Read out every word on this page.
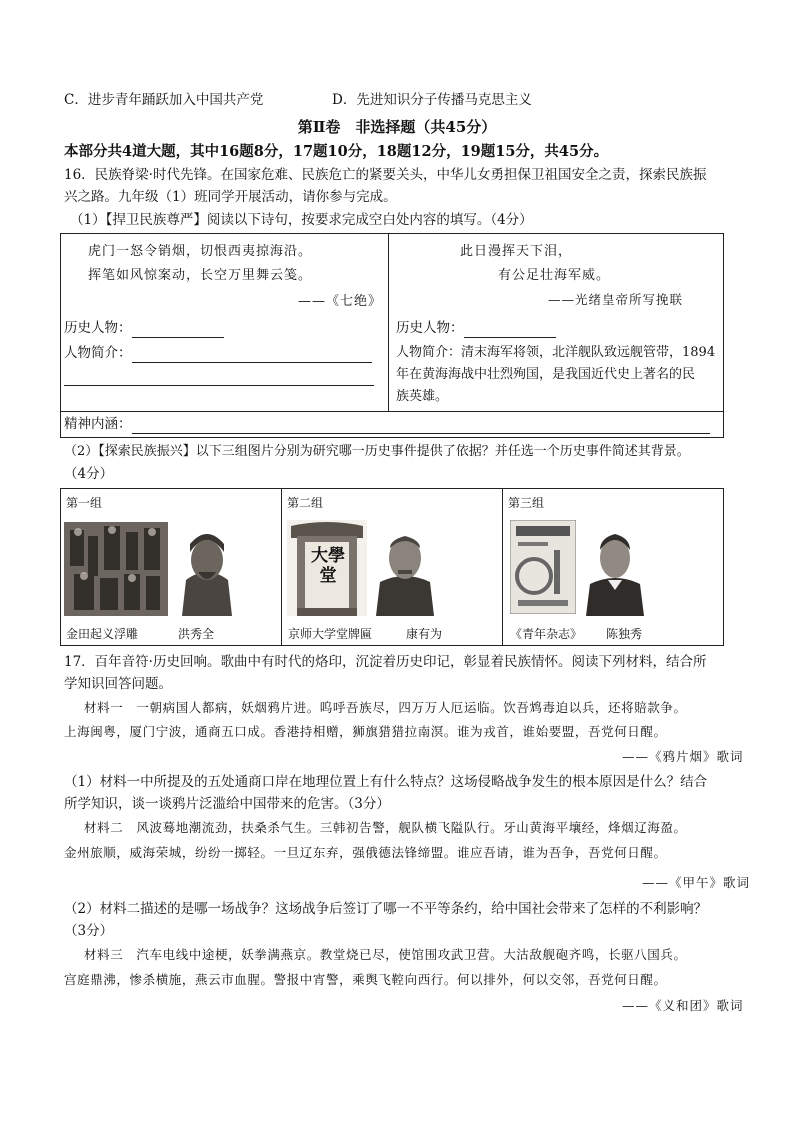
C．进步青年踊跃加入中国共产党	D．先进知识分子传播马克思主义
第Ⅱ卷　非选择题（共45分）
本部分共4道大题，其中16题8分，17题10分，18题12分，19题15分，共45分。
16．民族脊梁·时代先锋。在国家危难、民族危亡的紧要关头，中华儿女勇担保卫祖国安全之责，探索民族振
兴之路。九年级（1）班同学开展活动，请你参与完成。
（1）【捍卫民族尊严】阅读以下诗句，按要求完成空白处内容的填写。（4分）
虎门一怒令销烟，切恨西夷掠海沿。
挥笔如风惊案动，长空万里舞云笺。
——《七绝》
历史人物：
人物简介：
此日漫挥天下泪，
有公足壮海军威。
——光绪皇帝所写挽联
历史人物：
人物简介：清末海军将领，北洋舰队致远舰管带，1894
年在黄海海战中壮烈殉国，是我国近代史上著名的民
族英雄。
精神内涵：
（2）【探索民族振兴】以下三组图片分别为研究哪一历史事件提供了依据？并任选一个历史事件简述其背景。
（4分）
第一组
金田起义浮雕	洪秀全
第二组
大學堂
京师大学堂牌匾	康有为
第三组
《青年杂志》 陈独秀
17．百年音符·历史回响。歌曲中有时代的烙印，沉淀着历史印记，彰显着民族情怀。阅读下列材料，结合所
学知识回答问题。
材料一　一朝病国人都病，妖烟鸦片进。呜呼吾族尽，四万万人厄运临。饮吾鸩毒迫以兵，还将賠款争。
上海闽粤，厦门宁波，通商五口成。香港持相赠，狮旗猎猎拉南溟。谁为戎首，谁始要盟，吾党何日醒。
——《鸦片烟》歌词
（1）材料一中所提及的五处通商口岸在地理位置上有什么特点？这场侵略战争发生的根本原因是什么？结合
所学知识，谈一谈鸦片泛滥给中国带来的危害。（3分）
材料二　风波蓦地潮流劲，扶桑杀气生。三韩初告警，舰队横飞隘队行。牙山黄海平壤经，烽烟辽海盈。
金州旅顺，威海荣城，纷纷一掷轻。一旦辽东弃，强俄德法锋缔盟。谁应吾请，谁为吾争，吾党何日醒。
——《甲午》歌词
（2）材料二描述的是哪一场战争？这场战争后签订了哪一不平等条约，给中国社会带来了怎样的不利影响？
（3分）
材料三　汽车电线中途梗，妖拳满燕京。教堂烧已尽，使馆围攻武卫营。大沽敌舰砲齐鸣，长驱八国兵。
宫庭鼎沸，惨杀横施，燕云市血腥。警报中宵警，乘舆飞鞚向西行。何以排外，何以交邻，吾党何日醒。
——《义和团》歌词
